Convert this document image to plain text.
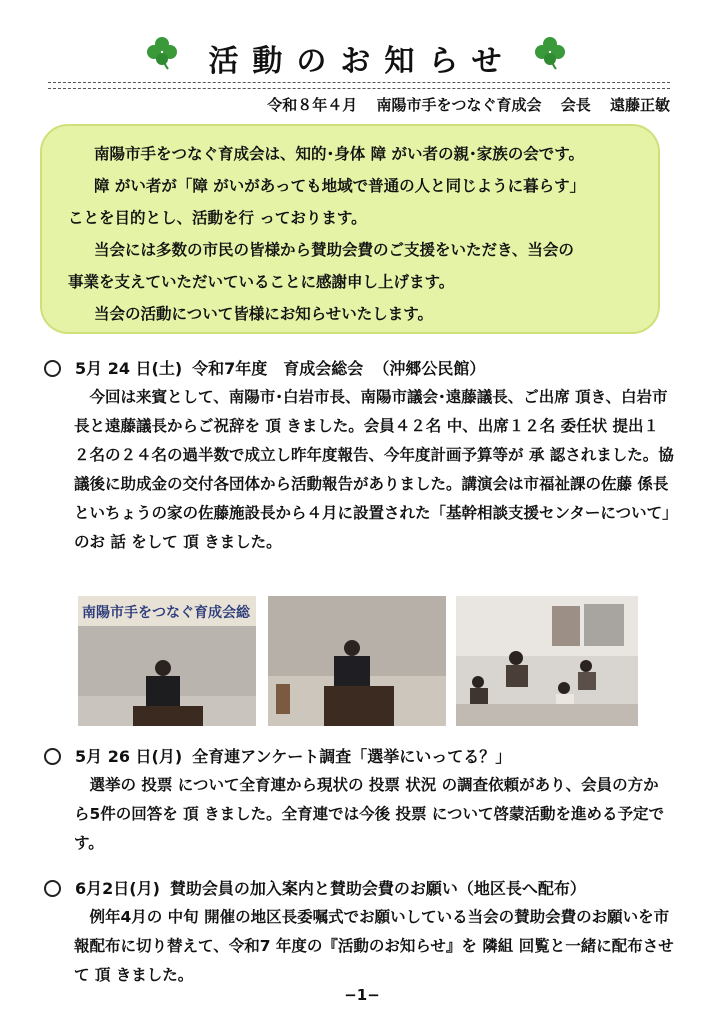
活動のお知らせ
令和８年４月 南陽市手をつなぐ育成会 会長 遠藤正敏

南陽市手をつなぐ育成会は、知的･身体 障 がい者の親･家族の会です。

障 がい者が「障 がいがあっても地域で普通の人と同じように暮らす」

ことを目的とし、活動を行 っております。

当会には多数の市民の皆様から賛助会費のご支援をいただき、当会の

事業を支えていただいていることに感謝申し上げます。

当会の活動について皆様にお知らせいたします。

5月 24 日(土) 令和7年度　育成会総会 （沖郷公民館）

今回は来賓として、南陽市･白岩市長、南陽市議会･遠藤議長、ご出席 頂き、白岩市長と遠藤議長からご祝辞を 頂 きました。会員４２名 中、出席１２名 委任状 提出１２名の２４名の過半数で成立し昨年度報告、今年度計画予算等が 承 認されました。協議後に助成金の交付各団体から活動報告がありました。講演会は市福祉課の佐藤 係長 といちょうの家の佐藤施設長から４月に設置された「基幹相談支援センターについて」のお 話 をして 頂 きました。

南陽市手をつなぐ育成会総
5月 26 日(月) 全育連アンケート調査「選挙にいってる？」

選挙の 投票 について全育連から現状の 投票 状況 の調査依頼があり、会員の方から5件の回答を 頂 きました。全育連では今後 投票 について啓蒙活動を進める予定です。

6月2日(月) 賛助会員の加入案内と賛助会費のお願い（地区長へ配布）

例年4月の 中旬 開催の地区長委嘱式でお願いしている当会の賛助会費のお願いを市報配布に切り替えて、令和7 年度の『活動のお知らせ』を 隣組 回覧と一緒に配布させて 頂 きました。

−1−
